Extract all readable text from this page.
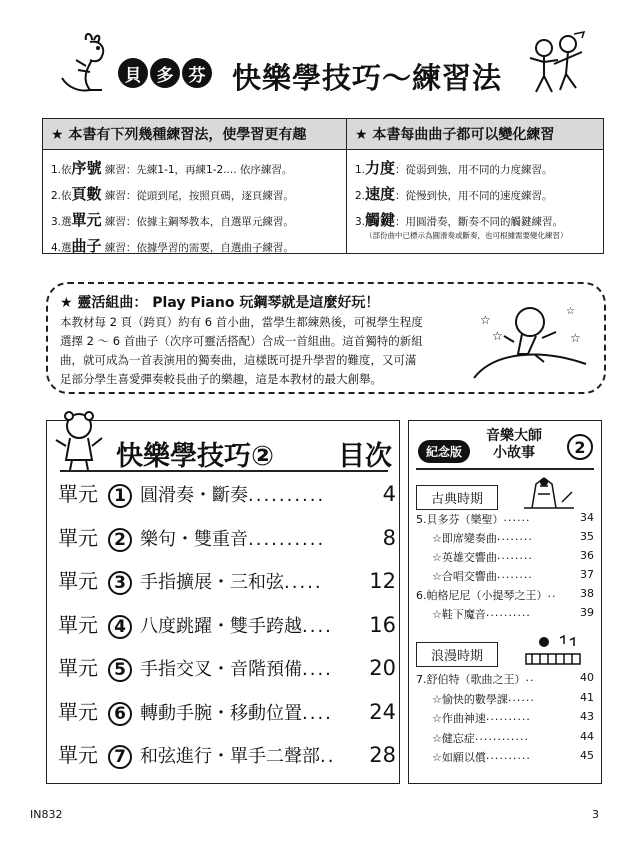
貝 多 芬 快樂學技巧～練習法
★ 本書有下列幾種練習法，使學習更有趣
1.依序號 練習：先練1-1，再練1-2.... 依序練習。
2.依頁數 練習：從頭到尾，按照頁碼，逐頁練習。
3.選單元 練習：依據主鋼琴教本，自選單元練習。
4.選曲子 練習：依據學習的需要，自選曲子練習。
★ 本書每曲曲子都可以變化練習
1.力度：從弱到強，用不同的力度練習。
2.速度：從慢到快，用不同的速度練習。
3.觸鍵：用圓滑奏，斷奏不同的觸鍵練習。
（部份曲中已標示為圓滑奏或斷奏，也可根據需要變化練習）
★ 靈活組曲： Play Piano 玩鋼琴就是這麼好玩！
本教材每 2 頁（跨頁）約有 6 首小曲，當學生都練熟後，可視學生程度
選擇 2 ～ 6 首曲子（次序可靈活搭配）合成一首組曲。這首獨特的新組
曲，就可成為一首表演用的獨奏曲，這樣既可提升學習的難度，又可滿
足部分學生喜愛彈奏較長曲子的樂趣，這是本教材的最大創舉。
☆
☆
☆
☆
快樂學技巧② 目次
單元 1 圓滑奏・斷奏 ..........	4
單元 2 樂句・雙重音 ..........	8
單元 3 手指擴展・三和弦 .....	12
單元 4 八度跳躍・雙手跨越 ....	16
單元 5 手指交叉・音階預備 ....	20
單元 6 轉動手腕・移動位置 ....	24
單元 7 和弦進行・單手二聲部 ..	28
紀念版
音樂大師
小故事	2
古典時期
5.貝多芬（樂聖） ......	34
☆即席變奏曲 ........	35
☆英雄交響曲 ........	36
☆合唱交響曲 ........	37
6.帕格尼尼（小提琴之王） ..	38
☆鞋下魔音 ..........	39
浪漫時期
7.舒伯特（歌曲之王） ..	40
☆愉快的數學課 ......	41
☆作曲神速 ..........	43
☆健忘症 ............	44
☆如願以償 ..........	45
IN832	3
